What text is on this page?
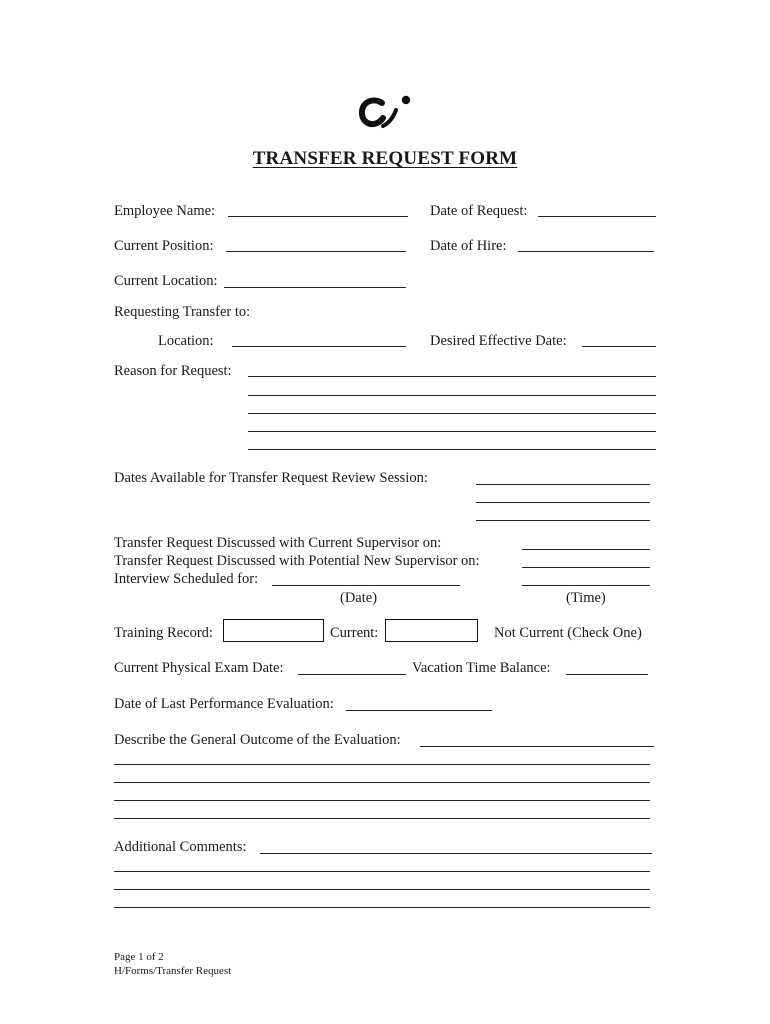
TRANSFER REQUEST FORM
Employee Name:	Date of Request:
Current Position:	Date of Hire:
Current Location:
Requesting Transfer to:
Location:	Desired Effective Date:
Reason for Request:
Dates Available for Transfer Request Review Session:
Transfer Request Discussed with Current Supervisor on:
Transfer Request Discussed with Potential New Supervisor on:
Interview Scheduled for:
(Date)	(Time)
Training Record:	Current:	Not Current (Check One)
Current Physical Exam Date:	Vacation Time Balance:
Date of Last Performance Evaluation:
Describe the General Outcome of the Evaluation:
Additional Comments:
Page 1 of 2
H/Forms/Transfer Request
